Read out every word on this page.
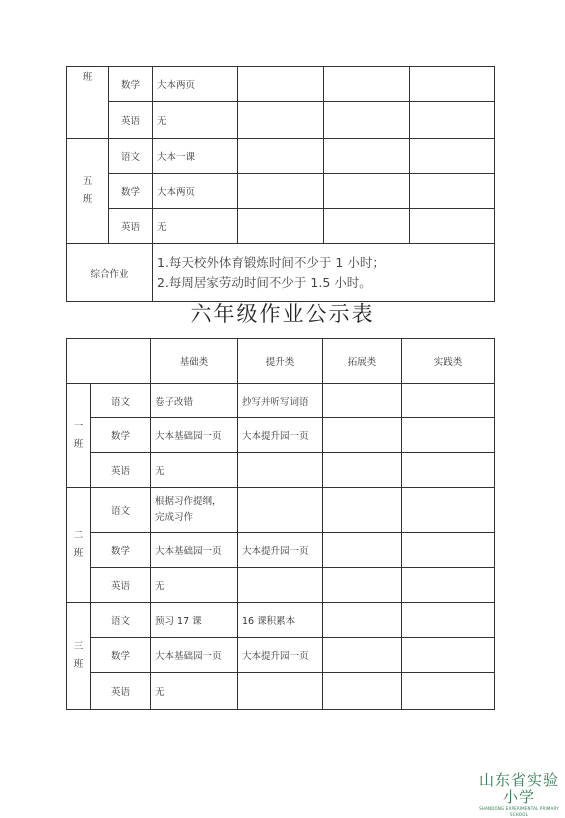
班	数学	大本两页			
	英语	无			
五
班	语文	大本一课			
	数学	大本两页			
	英语	无			
综合作业		1.每天校外体育锻炼时间不少于 1 小时；
2.每周居家劳动时间不少于 1.5 小时。			
六年级作业公示表
		基础类	提升类	拓展类	实践类
一
班	语文	卷子改错	抄写并听写词语		
	数学	大本基础园一页	大本提升园一页		
	英语	无			
二
班	语文	根据习作提纲，
完成习作			
	数学	大本基础园一页	大本提升园一页		
	英语	无			
三
班	语文	预习 17 课	16 课积累本		
	数学	大本基础园一页	大本提升园一页		
	英语	无			
山东省实验小学
SHANDONG EXPERIMENTAL PRIMARY SCHOOL
